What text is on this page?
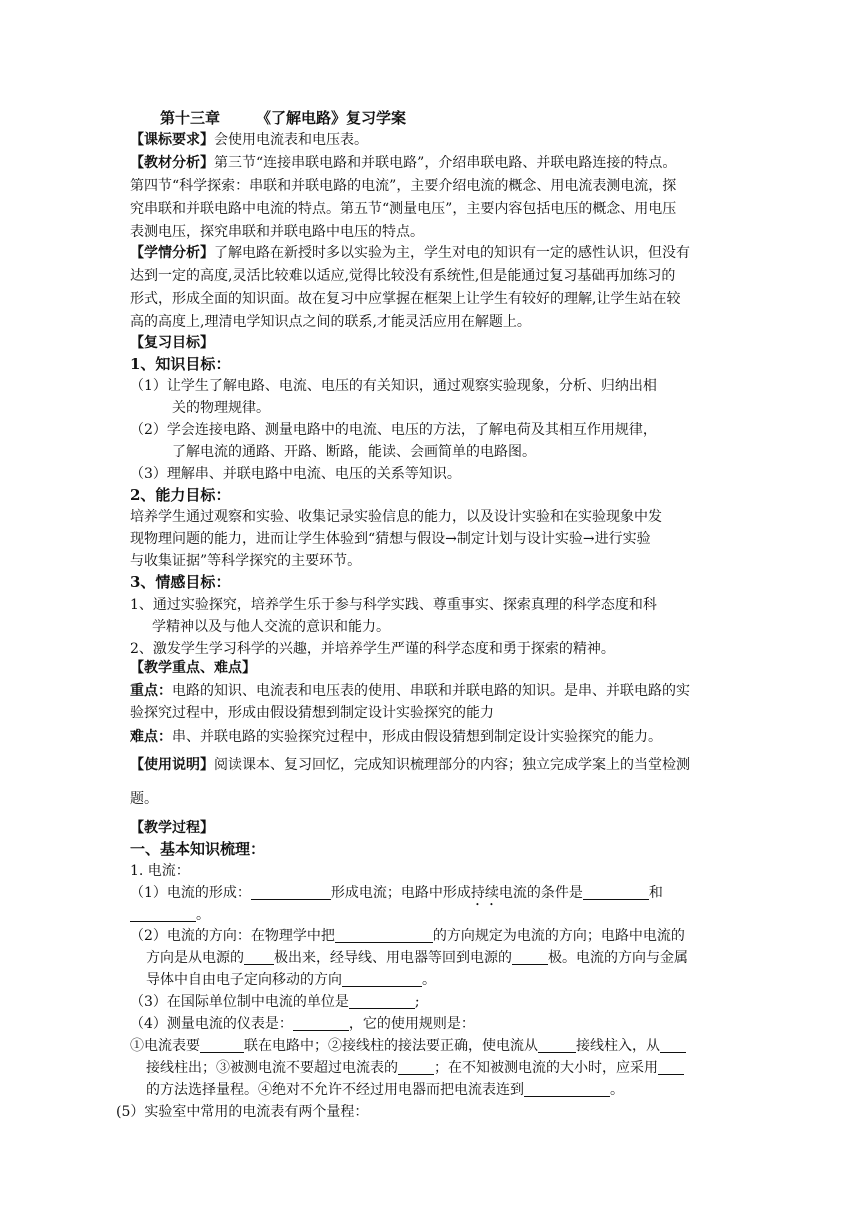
第十三章 《了解电路》复习学案
【课标要求】会使用电流表和电压表。
【教材分析】第三节“连接串联电路和并联电路”，介绍串联电路、并联电路连接的特点。
第四节“科学探索：串联和并联电路的电流”，主要介绍电流的概念、用电流表测电流，探
究串联和并联电路中电流的特点。第五节“测量电压”，主要内容包括电压的概念、用电压
表测电压，探究串联和并联电路中电压的特点。
【学情分析】了解电路在新授时多以实验为主，学生对电的知识有一定的感性认识，但没有
达到一定的高度,灵活比较难以适应,觉得比较没有系统性,但是能通过复习基础再加练习的
形式，形成全面的知识面。故在复习中应掌握在框架上让学生有较好的理解,让学生站在较
高的高度上,理清电学知识点之间的联系,才能灵活应用在解题上。
【复习目标】
1、知识目标：
（1）让学生了解电路、电流、电压的有关知识，通过观察实验现象，分析、归纳出相
关的物理规律。
（2）学会连接电路、测量电路中的电流、电压的方法，了解电荷及其相互作用规律，
了解电流的通路、开路、断路，能读、会画简单的电路图。
（3）理解串、并联电路中电流、电压的关系等知识。
2、能力目标：
培养学生通过观察和实验、收集记录实验信息的能力，以及设计实验和在实验现象中发
现物理问题的能力，进而让学生体验到“猜想与假设→制定计划与设计实验→进行实验
与收集证据”等科学探究的主要环节。
3、情感目标：
1、通过实验探究，培养学生乐于参与科学实践、尊重事实、探索真理的科学态度和科
学精神以及与他人交流的意识和能力。
2、激发学生学习科学的兴趣，并培养学生严谨的科学态度和勇于探索的精神。
【教学重点、难点】
重点：电路的知识、电流表和电压表的使用、串联和并联电路的知识。是串、并联电路的实
验探究过程中，形成由假设猜想到制定设计实验探究的能力
难点：串、并联电路的实验探究过程中，形成由假设猜想到制定设计实验探究的能力。
【使用说明】阅读课本、复习回忆，完成知识梳理部分的内容；独立完成学案上的当堂检测
题。
【教学过程】
一、基本知识梳理：
1. 电流：
（1）电流的形成：	形成电流；电路中形成持续电流的条件是	和
。
（2）电流的方向：在物理学中把	的方向规定为电流的方向；电路中电流的
方向是从电源的 极出来，经导线、用电器等回到电源的	极。电流的方向与金属
导体中自由电子定向移动的方向	。
（3）在国际单位制中电流的单位是	;
（4）测量电流的仪表是：	，它的使用规则是：
①电流表要	联在电路中；②接线柱的接法要正确，使电流从	接线柱入，从
接线柱出；③被测电流不要超过电流表的	；在不知被测电流的大小时，应采用
的方法选择量程。④绝对不允许不经过用电器而把电流表连到	。
(5）实验室中常用的电流表有两个量程：
